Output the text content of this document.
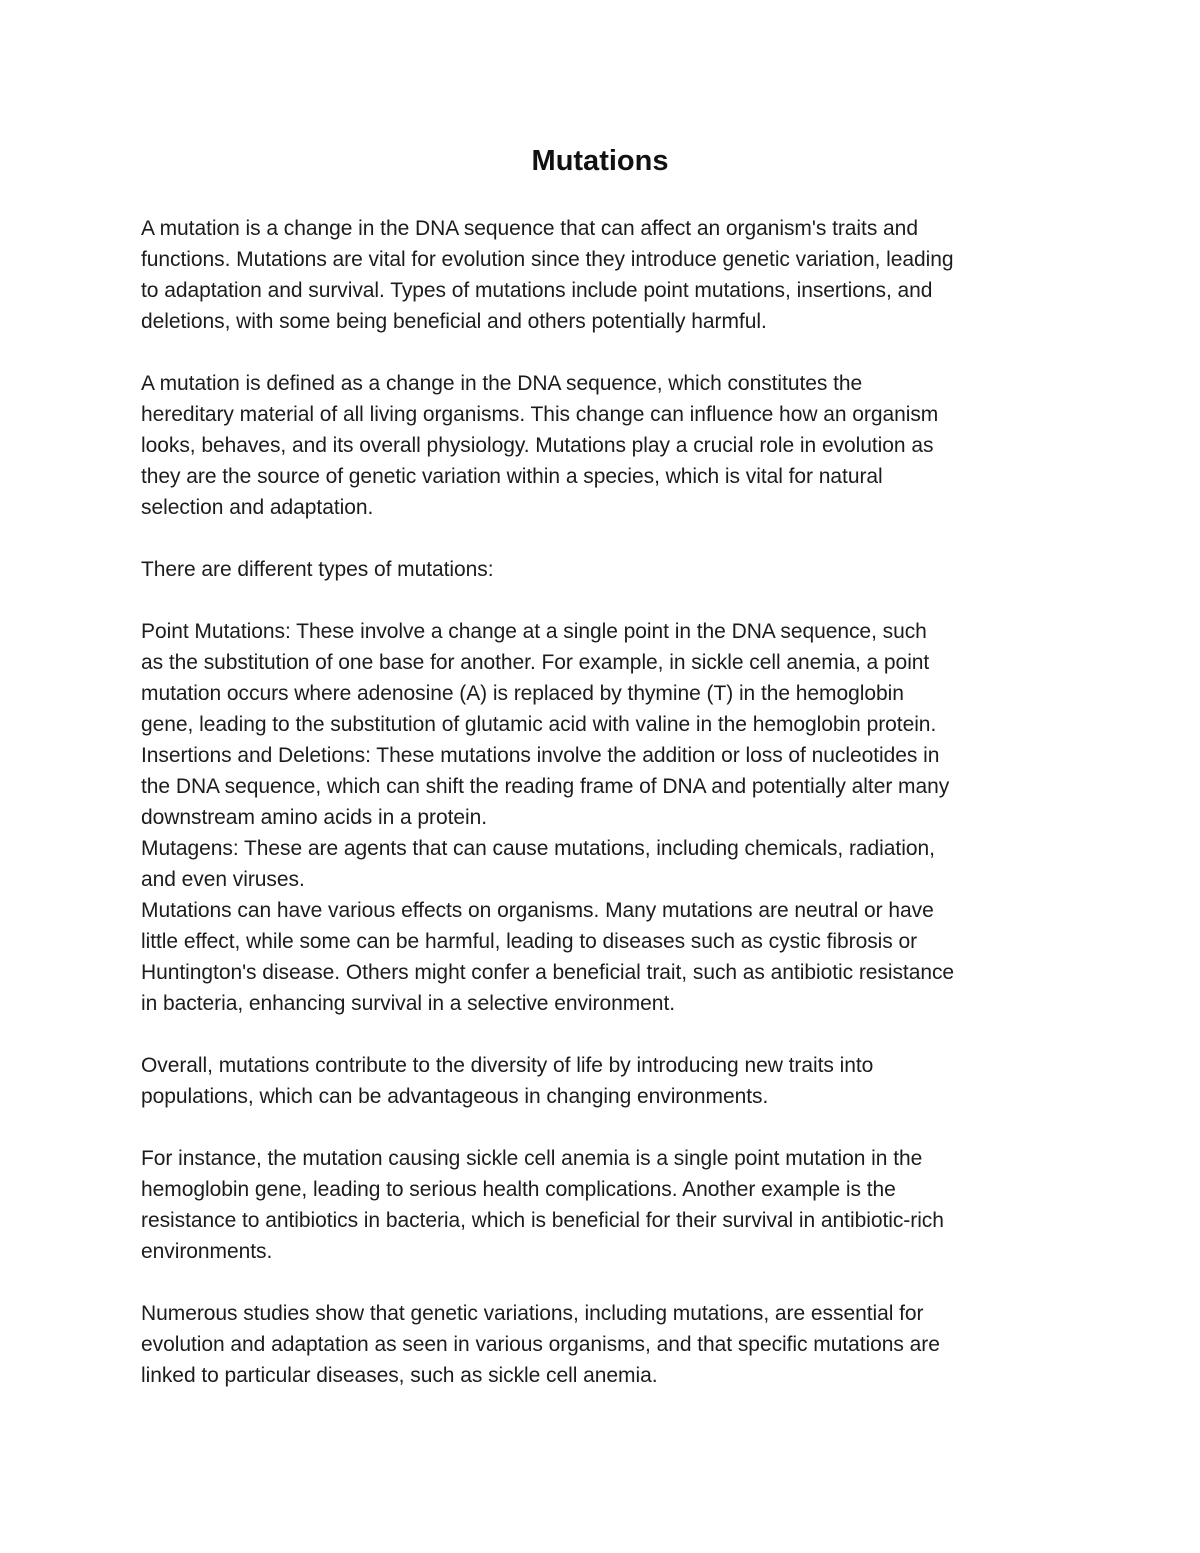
Mutations
A mutation is a change in the DNA sequence that can affect an organism's traits and
functions. Mutations are vital for evolution since they introduce genetic variation, leading
to adaptation and survival. Types of mutations include point mutations, insertions, and
deletions, with some being beneficial and others potentially harmful.
A mutation is defined as a change in the DNA sequence, which constitutes the
hereditary material of all living organisms. This change can influence how an organism
looks, behaves, and its overall physiology. Mutations play a crucial role in evolution as
they are the source of genetic variation within a species, which is vital for natural
selection and adaptation.
There are different types of mutations:
Point Mutations: These involve a change at a single point in the DNA sequence, such
as the substitution of one base for another. For example, in sickle cell anemia, a point
mutation occurs where adenosine (A) is replaced by thymine (T) in the hemoglobin
gene, leading to the substitution of glutamic acid with valine in the hemoglobin protein.
Insertions and Deletions: These mutations involve the addition or loss of nucleotides in
the DNA sequence, which can shift the reading frame of DNA and potentially alter many
downstream amino acids in a protein.
Mutagens: These are agents that can cause mutations, including chemicals, radiation,
and even viruses.
Mutations can have various effects on organisms. Many mutations are neutral or have
little effect, while some can be harmful, leading to diseases such as cystic fibrosis or
Huntington's disease. Others might confer a beneficial trait, such as antibiotic resistance
in bacteria, enhancing survival in a selective environment.
Overall, mutations contribute to the diversity of life by introducing new traits into
populations, which can be advantageous in changing environments.
For instance, the mutation causing sickle cell anemia is a single point mutation in the
hemoglobin gene, leading to serious health complications. Another example is the
resistance to antibiotics in bacteria, which is beneficial for their survival in antibiotic-rich
environments.
Numerous studies show that genetic variations, including mutations, are essential for
evolution and adaptation as seen in various organisms, and that specific mutations are
linked to particular diseases, such as sickle cell anemia.
